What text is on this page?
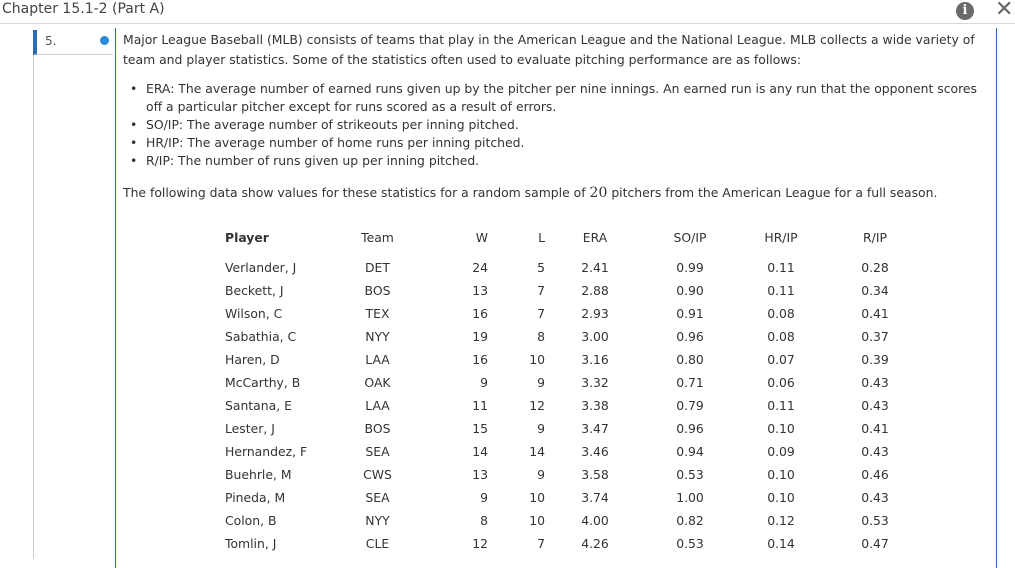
Chapter 15.1-2 (Part A)	i ✕
5.	Major League Baseball (MLB) consists of teams that play in the American League and the National League. MLB collects a wide variety of team and player statistics. Some of the statistics often used to evaluate pitching performance are as follows:
• ERA: The average number of earned runs given up by the pitcher per nine innings. An earned run is any run that the opponent scores off a particular pitcher except for runs scored as a result of errors.
• SO/IP: The average number of strikeouts per inning pitched.
• HR/IP: The average number of home runs per inning pitched.
• R/IP: The number of runs given up per inning pitched.
The following data show values for these statistics for a random sample of 20 pitchers from the American League for a full season.
Player	Team	W	L	ERA	SO/IP	HR/IP	R/IP
Verlander, J	DET	24	5	2.41	0.99	0.11	0.28
Beckett, J	BOS	13	7	2.88	0.90	0.11	0.34
Wilson, C	TEX	16	7	2.93	0.91	0.08	0.41
Sabathia, C	NYY	19	8	3.00	0.96	0.08	0.37
Haren, D	LAA	16	10	3.16	0.80	0.07	0.39
McCarthy, B	OAK	9	9	3.32	0.71	0.06	0.43
Santana, E	LAA	11	12	3.38	0.79	0.11	0.43
Lester, J	BOS	15	9	3.47	0.96	0.10	0.41
Hernandez, F	SEA	14	14	3.46	0.94	0.09	0.43
Buehrle, M	CWS	13	9	3.58	0.53	0.10	0.46
Pineda, M	SEA	9	10	3.74	1.00	0.10	0.43
Colon, B	NYY	8	10	4.00	0.82	0.12	0.53
Tomlin, J	CLE	12	7	4.26	0.53	0.14	0.47
